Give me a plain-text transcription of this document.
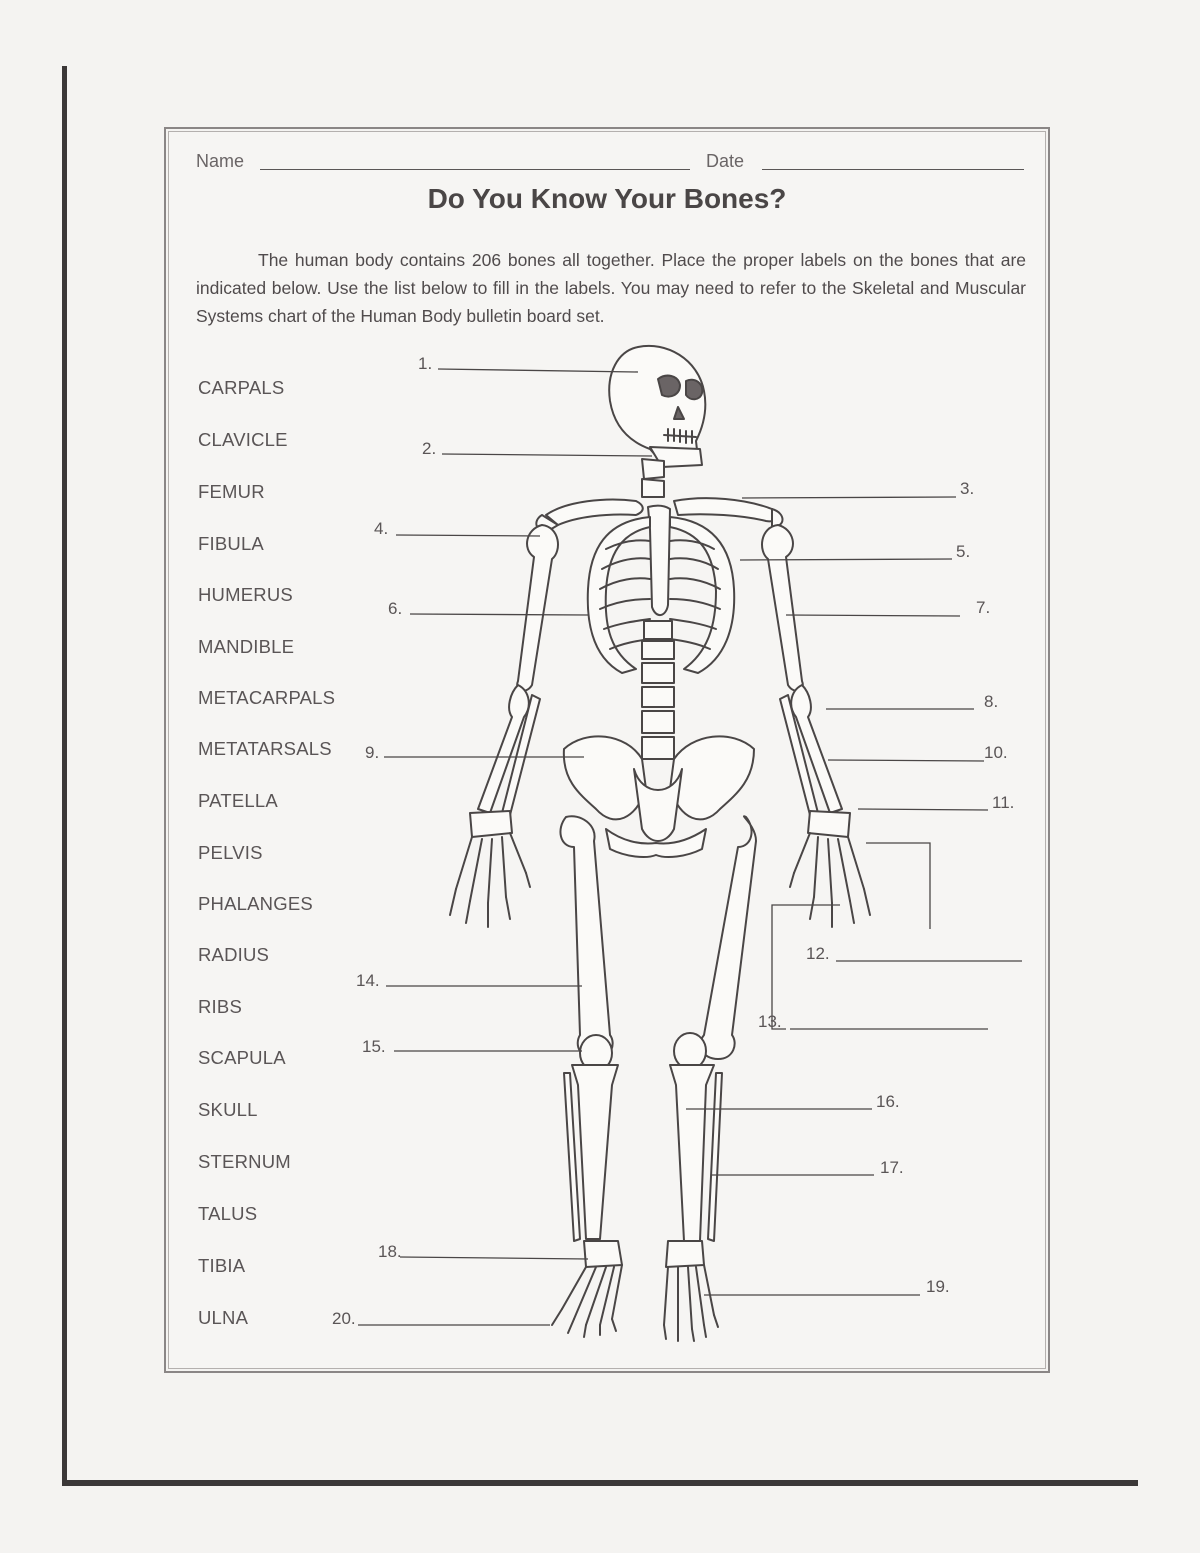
Name	Date
Do You Know Your Bones?
The human body contains 206 bones all together. Place the proper labels on the bones that are indicated below. Use the list below to fill in the labels. You may need to refer to the Skeletal and Muscular Systems chart of the Human Body bulletin board set.
CARPALS
CLAVICLE
FEMUR
FIBULA
HUMERUS
MANDIBLE
METACARPALS
METATARSALS
PATELLA
PELVIS
PHALANGES
RADIUS
RIBS
SCAPULA
SKULL
STERNUM
TALUS
TIBIA
ULNA
1.
2.
3.
4.
5.
6.	7.
8.
9.	10.
11.
12.
13.
14.
15.
16.
17.
18.
19.
20.
